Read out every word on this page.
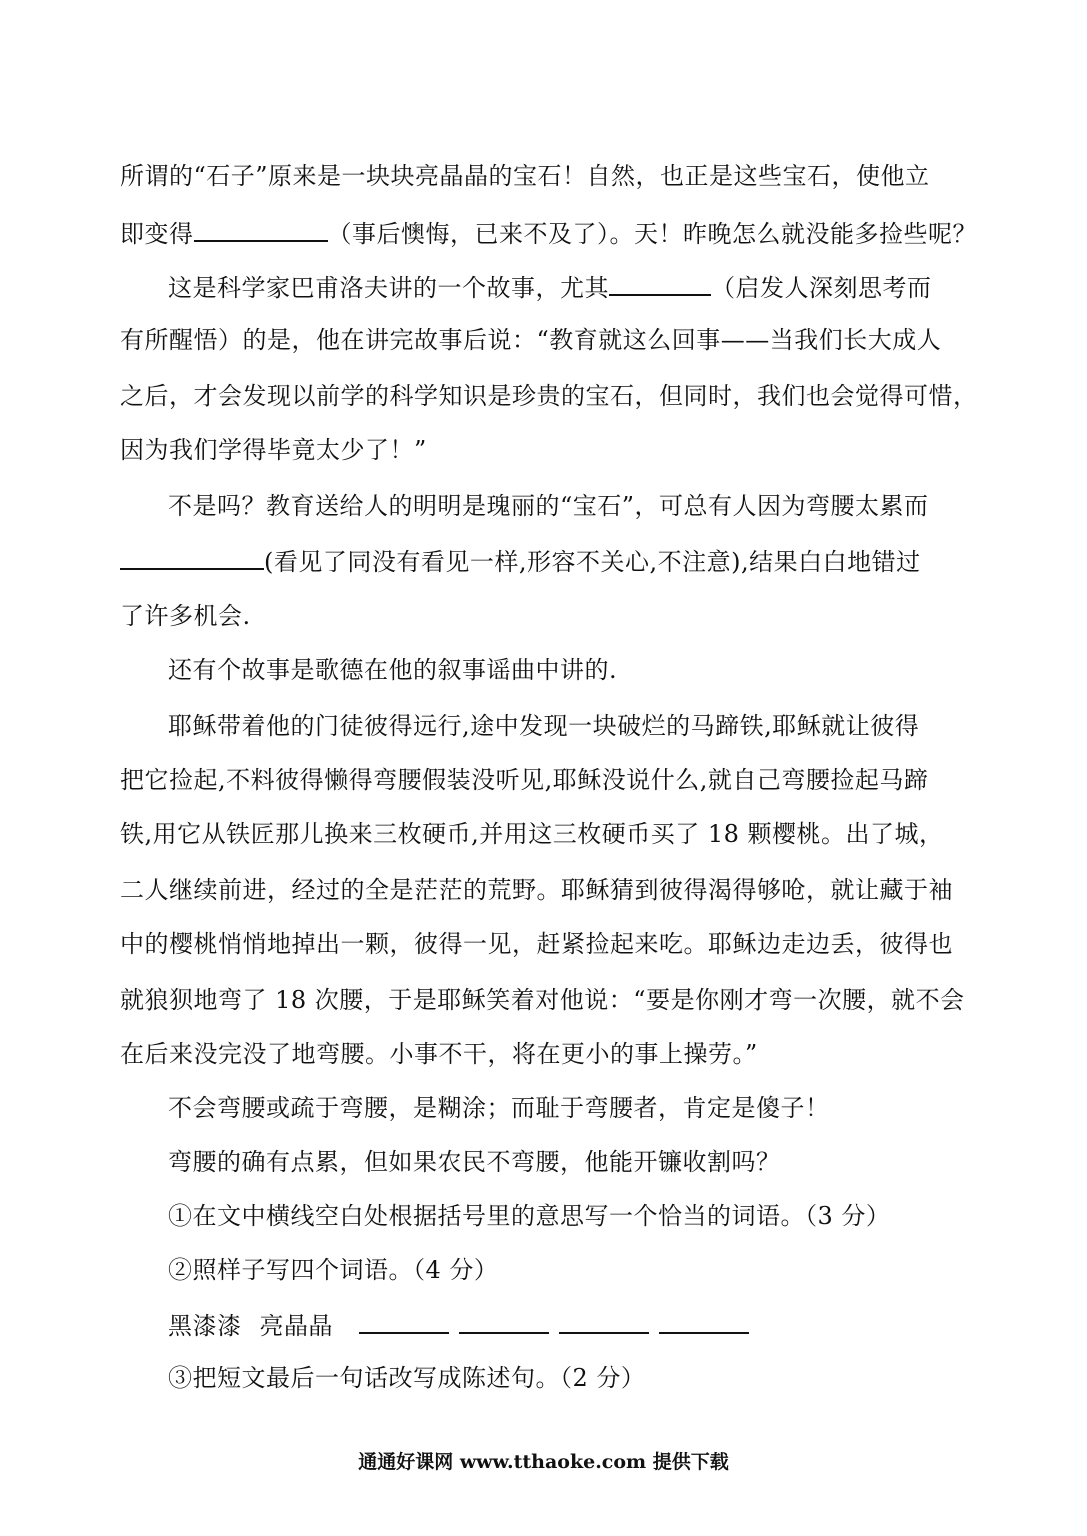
所谓的“石子”原来是一块块亮晶晶的宝石！自然，也正是这些宝石，使他立
即变得	（事后懊悔，已来不及了）。天！昨晚怎么就没能多捡些呢？
这是科学家巴甫洛夫讲的一个故事，尤其	（启发人深刻思考而
有所醒悟）的是，他在讲完故事后说：“教育就这么回事——当我们长大成人
之后，才会发现以前学的科学知识是珍贵的宝石，但同时，我们也会觉得可惜，
因为我们学得毕竟太少了！”
不是吗？教育送给人的明明是瑰丽的“宝石”，可总有人因为弯腰太累而
(看见了同没有看见一样,形容不关心,不注意),结果白白地错过
了许多机会.
还有个故事是歌德在他的叙事谣曲中讲的.
耶稣带着他的门徒彼得远行,途中发现一块破烂的马蹄铁,耶稣就让彼得
把它捡起,不料彼得懒得弯腰假装没听见,耶稣没说什么,就自己弯腰捡起马蹄
铁,用它从铁匠那儿换来三枚硬币,并用这三枚硬币买了 18 颗樱桃。出了城，
二人继续前进，经过的全是茫茫的荒野。耶稣猜到彼得渴得够呛，就让藏于袖
中的樱桃悄悄地掉出一颗，彼得一见，赶紧捡起来吃。耶稣边走边丢，彼得也
就狼狈地弯了 18 次腰，于是耶稣笑着对他说：“要是你刚才弯一次腰，就不会
在后来没完没了地弯腰。小事不干，将在更小的事上操劳。”
不会弯腰或疏于弯腰，是糊涂；而耻于弯腰者，肯定是傻子！
弯腰的确有点累，但如果农民不弯腰，他能开镰收割吗？
①在文中横线空白处根据括号里的意思写一个恰当的词语。（3 分）
②照样子写四个词语。（4 分）
黑漆漆 亮晶晶
③把短文最后一句话改写成陈述句。（2 分）
通通好课网 www.tthaoke.com 提供下载
